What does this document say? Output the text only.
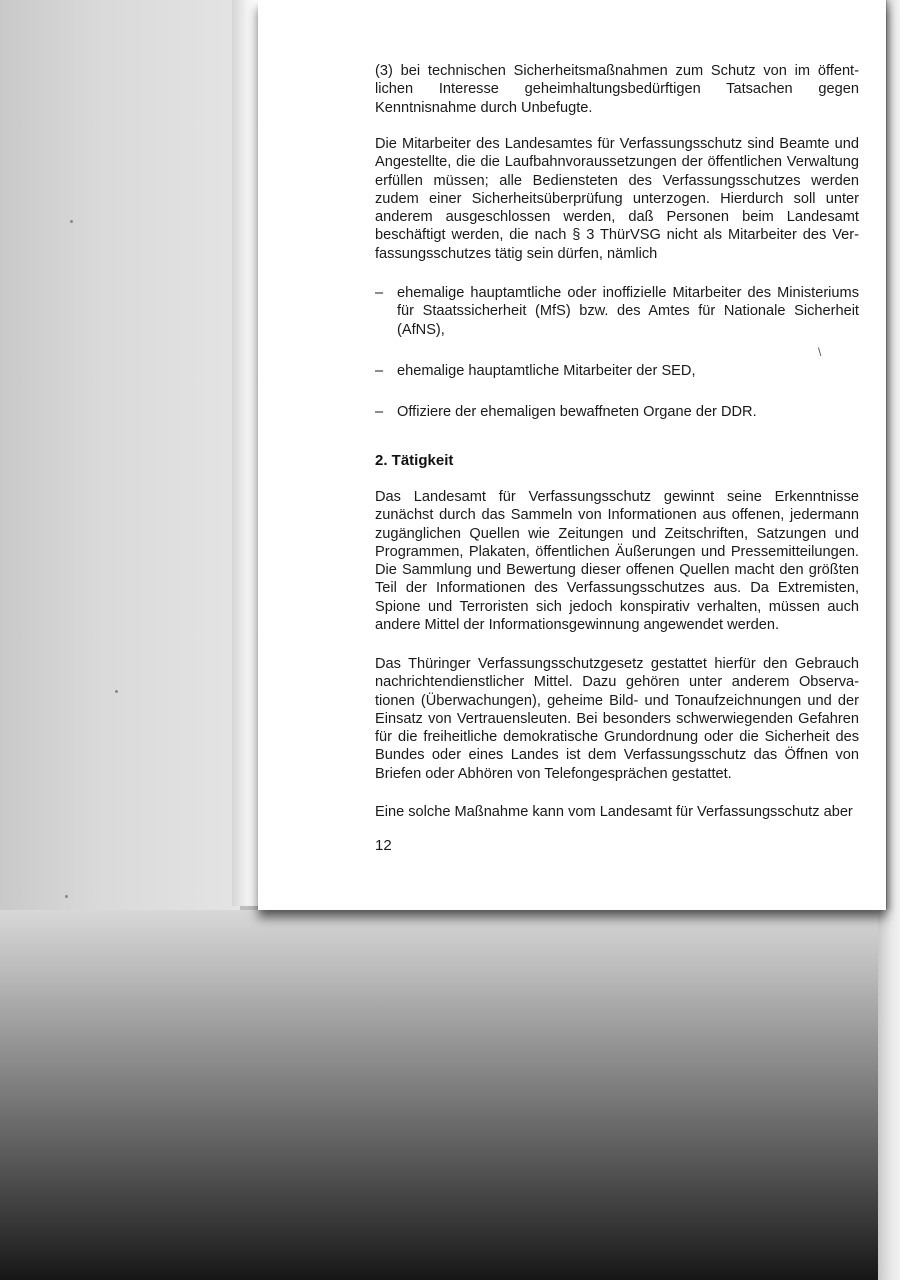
(3) bei technischen Sicherheitsmaßnahmen zum Schutz von im öffentlichen Interesse geheimhaltungsbedürftigen Tatsachen gegen Kenntnisnahme durch Unbefugte.
Die Mitarbeiter des Landesamtes für Verfassungsschutz sind Beamte und Angestellte, die die Laufbahnvoraussetzungen der öffentlichen Verwaltung erfüllen müssen; alle Bediensteten des Verfassungsschutzes werden zudem einer Sicherheitsüberprüfung unterzogen. Hierdurch soll unter anderem ausgeschlossen werden, daß Personen beim Landesamt beschäftigt werden, die nach § 3 ThürVSG nicht als Mitarbeiter des Verfassungsschutzes tätig sein dürfen, nämlich
– ehemalige hauptamtliche oder inoffizielle Mitarbeiter des Ministeriums für Staatssicherheit (MfS) bzw. des Amtes für Nationale Sicherheit (AfNS),
– ehemalige hauptamtliche Mitarbeiter der SED,
– Offiziere der ehemaligen bewaffneten Organe der DDR.
\
2. Tätigkeit
Das Landesamt für Verfassungsschutz gewinnt seine Erkenntnisse zunächst durch das Sammeln von Informationen aus offenen, jedermann zugänglichen Quellen wie Zeitungen und Zeitschriften, Satzungen und Programmen, Plakaten, öffentlichen Äußerungen und Pressemitteilungen. Die Sammlung und Bewertung dieser offenen Quellen macht den größten Teil der Informationen des Verfassungsschutzes aus. Da Extremisten, Spione und Terroristen sich jedoch konspirativ verhalten, müssen auch andere Mittel der Informationsgewinnung angewendet werden.
Das Thüringer Verfassungsschutzgesetz gestattet hierfür den Gebrauch nachrichtendienstlicher Mittel. Dazu gehören unter anderem Observationen (Überwachungen), geheime Bild- und Tonaufzeichnungen und der Einsatz von Vertrauensleuten. Bei besonders schwerwiegenden Gefahren für die freiheitliche demokratische Grundordnung oder die Sicherheit des Bundes oder eines Landes ist dem Verfassungsschutz das Öffnen von Briefen oder Abhören von Telefongesprächen gestattet.
Eine solche Maßnahme kann vom Landesamt für Verfassungsschutz aber
12
